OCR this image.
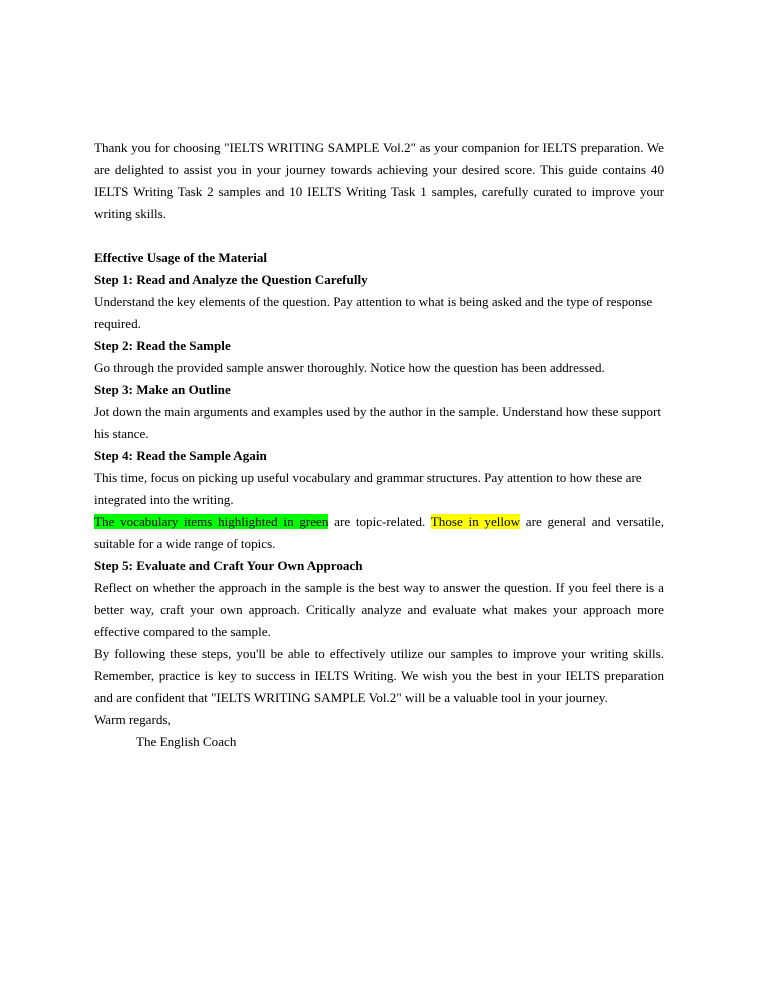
Thank you for choosing "IELTS WRITING SAMPLE Vol.2" as your companion for IELTS preparation. We are delighted to assist you in your journey towards achieving your desired score. This guide contains 40 IELTS Writing Task 2 samples and 10 IELTS Writing Task 1 samples, carefully curated to improve your writing skills.

Effective Usage of the Material

Step 1: Read and Analyze the Question Carefully

Understand the key elements of the question. Pay attention to what is being asked and the type of response required.

Step 2: Read the Sample

Go through the provided sample answer thoroughly. Notice how the question has been addressed.

Step 3: Make an Outline

Jot down the main arguments and examples used by the author in the sample. Understand how these support his stance.

Step 4: Read the Sample Again

This time, focus on picking up useful vocabulary and grammar structures. Pay attention to how these are integrated into the writing.

The vocabulary items highlighted in green are topic-related. Those in yellow are general and versatile, suitable for a wide range of topics.

Step 5: Evaluate and Craft Your Own Approach

Reflect on whether the approach in the sample is the best way to answer the question. If you feel there is a better way, craft your own approach. Critically analyze and evaluate what makes your approach more effective compared to the sample.

By following these steps, you'll be able to effectively utilize our samples to improve your writing skills. Remember, practice is key to success in IELTS Writing. We wish you the best in your IELTS preparation and are confident that "IELTS WRITING SAMPLE Vol.2" will be a valuable tool in your journey.

Warm regards,

The English Coach
